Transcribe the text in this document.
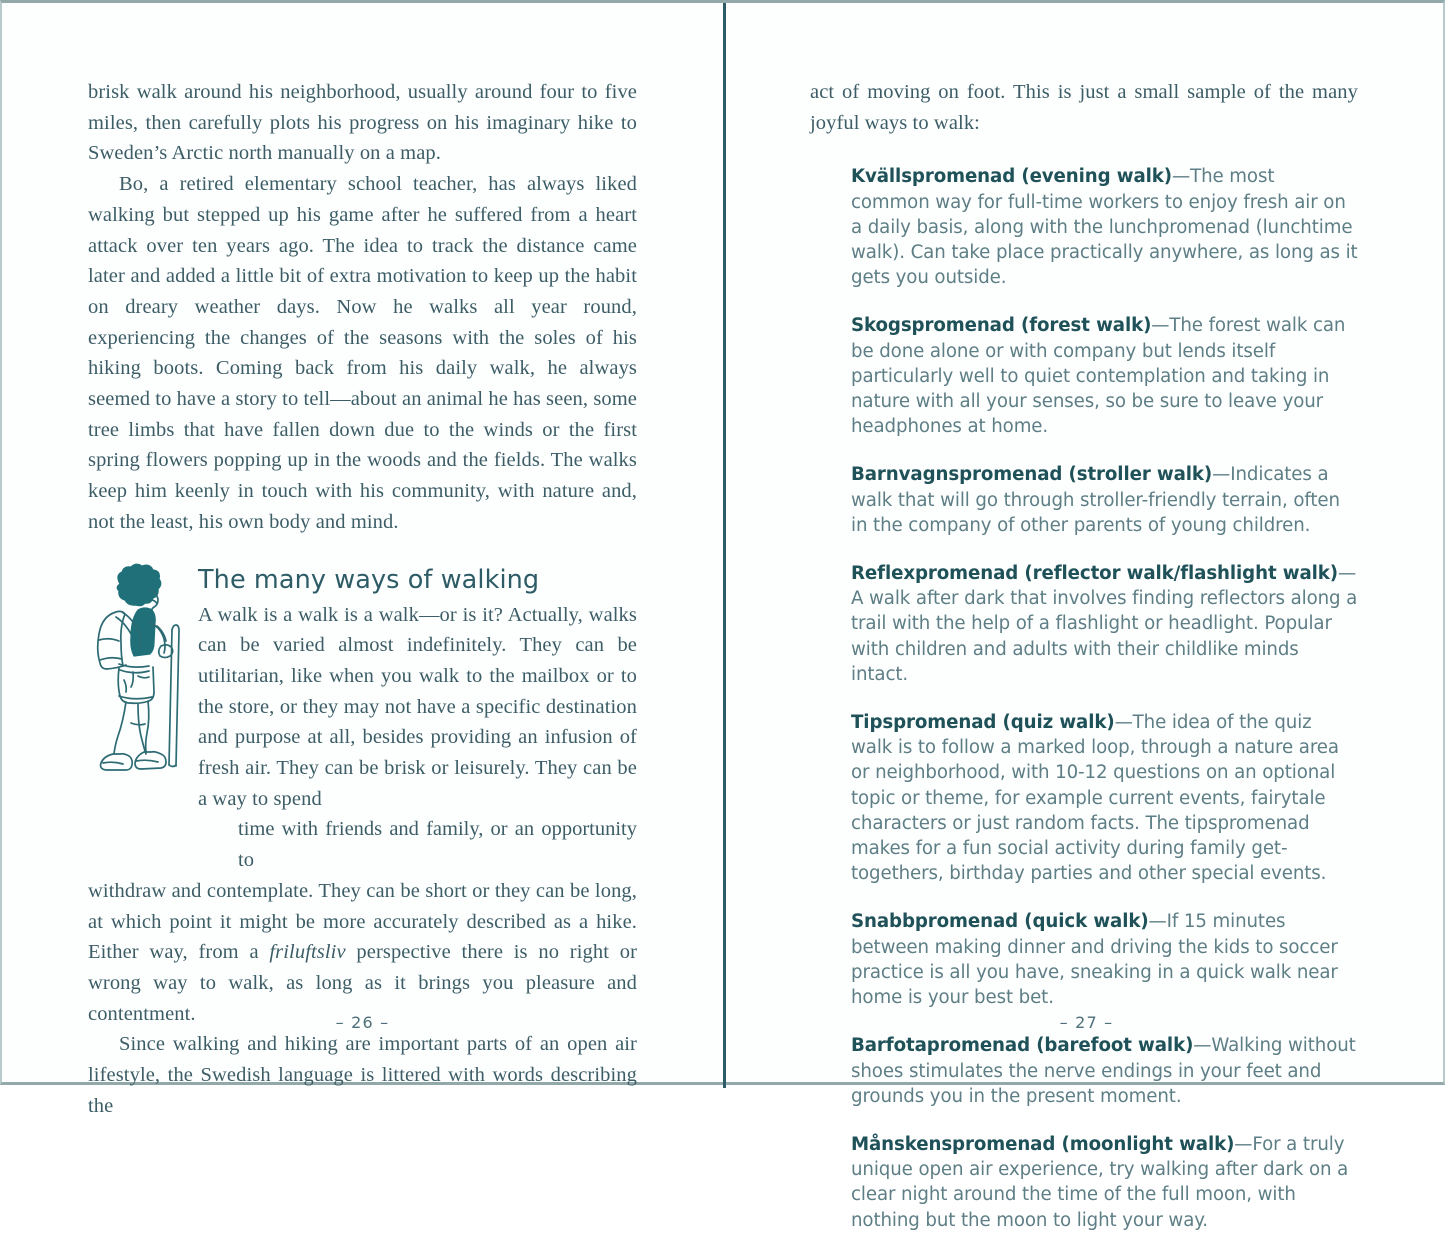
brisk walk around his neighborhood, usually around four to five miles, then carefully plots his progress on his imaginary hike to Sweden’s Arctic north manually on a map.

Bo, a retired elementary school teacher, has always liked walking but stepped up his game after he suffered from a heart attack over ten years ago. The idea to track the distance came later and added a little bit of extra motivation to keep up the habit on dreary weather days. Now he walks all year round, experiencing the changes of the seasons with the soles of his hiking boots. Coming back from his daily walk, he always seemed to have a story to tell—about an animal he has seen, some tree limbs that have fallen down due to the winds or the first spring flowers popping up in the woods and the fields. The walks keep him keenly in touch with his community, with nature and, not the least, his own body and mind.

The many ways of walking

A walk is a walk is a walk—or is it? Actually, walks can be varied almost indefinitely. They can be utilitarian, like when you walk to the mailbox or to the store, or they may not have a specific destination and purpose at all, besides providing an infusion of fresh air. They can be brisk or leisurely. They can be a way to spend

time with friends and family, or an opportunity to

withdraw and contemplate. They can be short or they can be long, at which point it might be more accurately described as a hike. Either way, from a friluftsliv perspective there is no right or wrong way to walk, as long as it brings you pleasure and contentment.

Since walking and hiking are important parts of an open air lifestyle, the Swedish language is littered with words describing the

– 26 –

act of moving on foot. This is just a small sample of the many joyful ways to walk:

Kvällspromenad (evening walk)—The most common way for full-time workers to enjoy fresh air on a daily basis, along with the lunchpromenad (lunchtime walk). Can take place practically anywhere, as long as it gets you outside.

Skogspromenad (forest walk)—The forest walk can be done alone or with company but lends itself particularly well to quiet contemplation and taking in nature with all your senses, so be sure to leave your headphones at home.

Barnvagnspromenad (stroller walk)—Indicates a walk that will go through stroller-friendly terrain, often in the company of other parents of young children.

Reflexpromenad (reflector walk/flashlight walk)—A walk after dark that involves finding reflectors along a trail with the help of a flashlight or headlight. Popular with children and adults with their childlike minds intact.

Tipspromenad (quiz walk)—The idea of the quiz walk is to follow a marked loop, through a nature area or neighborhood, with 10-12 questions on an optional topic or theme, for example current events, fairytale characters or just random facts. The tipspromenad makes for a fun social activity during family get-togethers, birthday parties and other special events.

Snabbpromenad (quick walk)—If 15 minutes between making dinner and driving the kids to soccer practice is all you have, sneaking in a quick walk near home is your best bet.

Barfotapromenad (barefoot walk)—Walking without shoes stimulates the nerve endings in your feet and grounds you in the present moment.

Månskenspromenad (moonlight walk)—For a truly unique open air experience, try walking after dark on a clear night around the time of the full moon, with nothing but the moon to light your way.

– 27 –
